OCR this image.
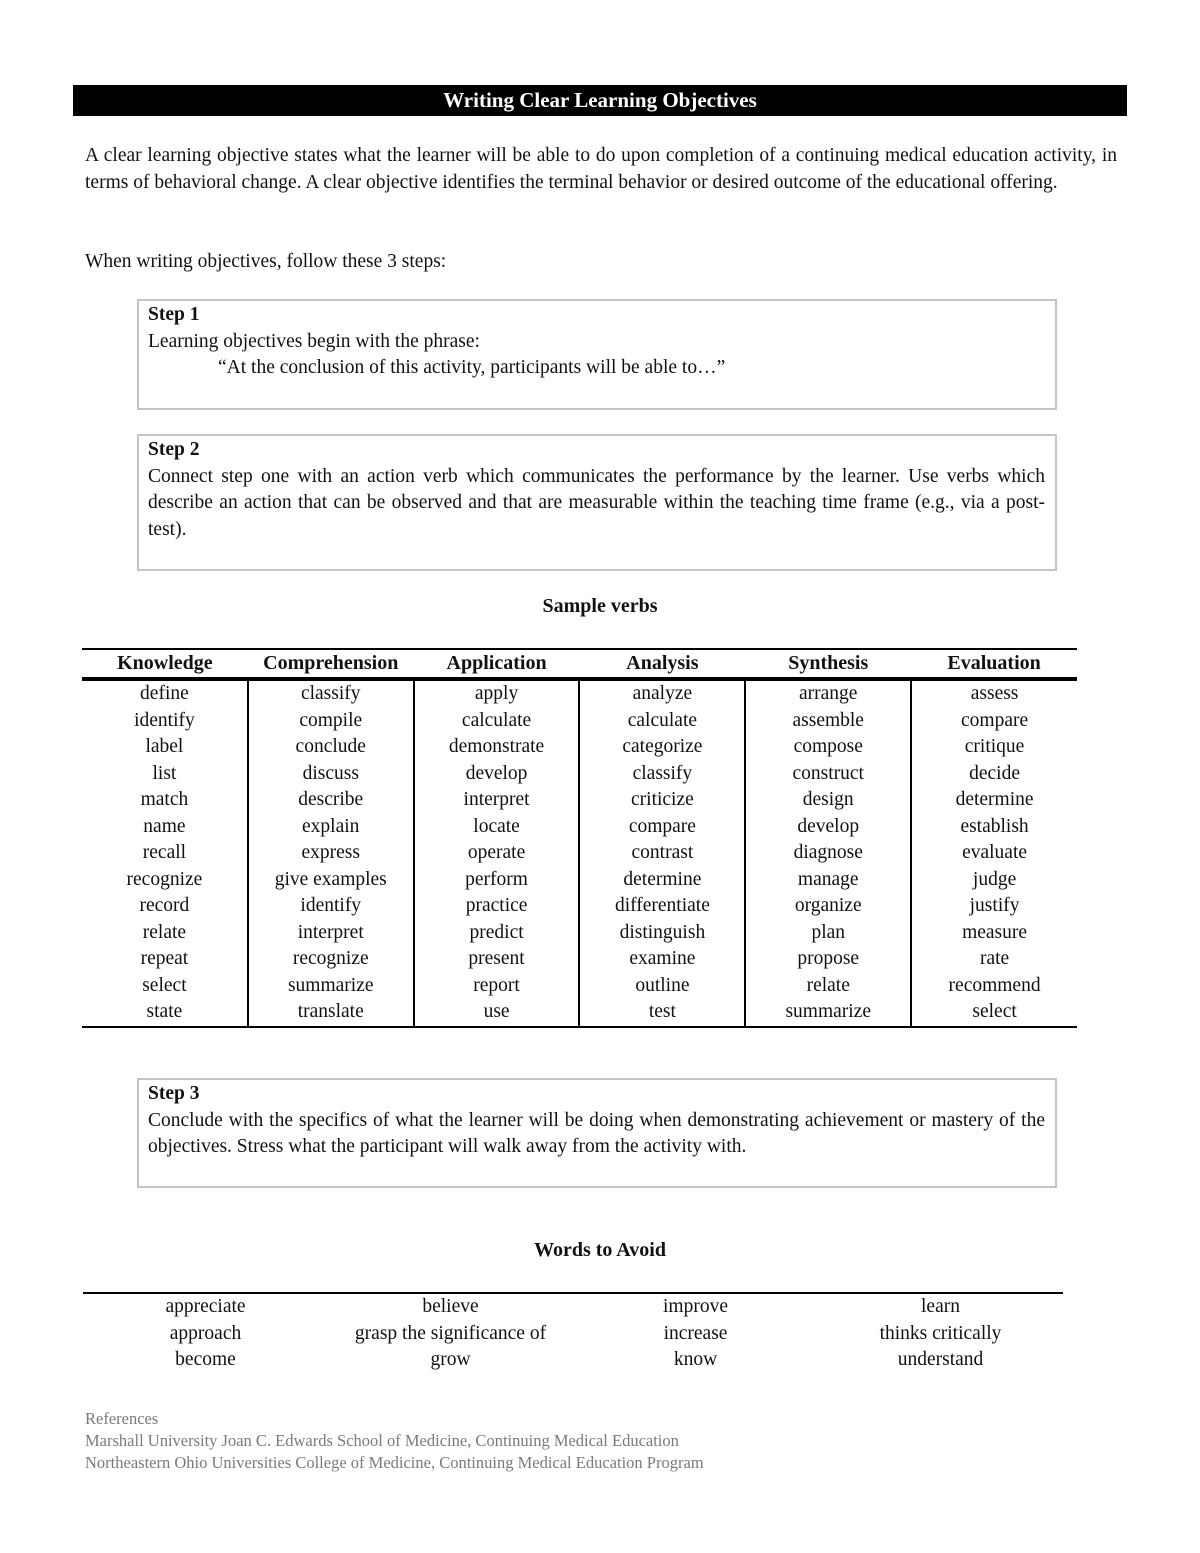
Writing Clear Learning Objectives

A clear learning objective states what the learner will be able to do upon completion of a continuing medical education activity, in terms of behavioral change. A clear objective identifies the terminal behavior or desired outcome of the educational offering.

When writing objectives, follow these 3 steps:

Step 1
Learning objectives begin with the phrase:
“At the conclusion of this activity, participants will be able to…”
Step 2
Connect step one with an action verb which communicates the performance by the learner. Use verbs which describe an action that can be observed and that are measurable within the teaching time frame (e.g., via a post-test).
Sample verbs
Knowledge	Comprehension	Application	Analysis	Synthesis	Evaluation
define	classify	apply	analyze	arrange	assess
identify	compile	calculate	calculate	assemble	compare
label	conclude	demonstrate	categorize	compose	critique
list	discuss	develop	classify	construct	decide
match	describe	interpret	criticize	design	determine
name	explain	locate	compare	develop	establish
recall	express	operate	contrast	diagnose	evaluate
recognize	give examples	perform	determine	manage	judge
record	identify	practice	differentiate	organize	justify
relate	interpret	predict	distinguish	plan	measure
repeat	recognize	present	examine	propose	rate
select	summarize	report	outline	relate	recommend
state	translate	use	test	summarize	select
Step 3
Conclude with the specifics of what the learner will be doing when demonstrating achievement or mastery of the objectives. Stress what the participant will walk away from the activity with.
Words to Avoid
appreciate	believe	improve	learn
approach	grasp the significance of	increase	thinks critically
become	grow	know	understand
References
Marshall University Joan C. Edwards School of Medicine, Continuing Medical Education
Northeastern Ohio Universities College of Medicine, Continuing Medical Education Program
